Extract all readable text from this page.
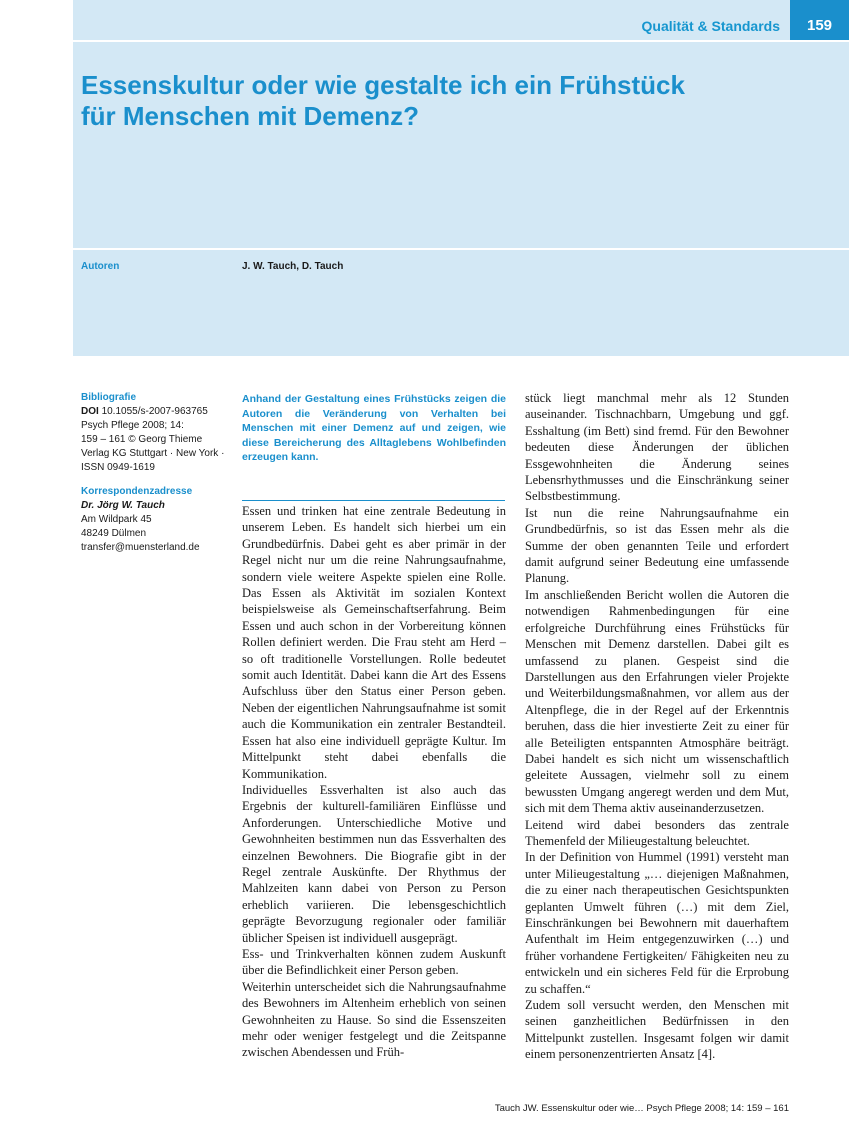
Qualität & Standards	159
Essenskultur oder wie gestalte ich ein Frühstück
für Menschen mit Demenz?
Autoren	J. W. Tauch, D. Tauch
Bibliografie
DOI 10.1055/s-2007-963765
Psych Pflege 2008; 14:
159 – 161 © Georg Thieme
Verlag KG Stuttgart · New York ·
ISSN 0949-1619
Korrespondenzadresse
Dr. Jörg W. Tauch
Am Wildpark 45
48249 Dülmen
transfer@muensterland.de

Anhand der Gestaltung eines Frühstücks zeigen die Autoren die Veränderung von Verhalten bei Menschen mit einer Demenz auf und zeigen, wie diese Bereicherung des Alltaglebens Wohlbefinden erzeugen kann.

Essen und trinken hat eine zentrale Bedeutung in unserem Leben. Es handelt sich hierbei um ein Grundbedürfnis. Dabei geht es aber primär in der Regel nicht nur um die reine Nahrungsaufnahme, sondern viele weitere Aspekte spielen eine Rolle. Das Essen als Aktivität im sozialen Kontext beispielsweise als Gemeinschaftserfahrung. Beim Essen und auch schon in der Vorbereitung können Rollen definiert werden. Die Frau steht am Herd – so oft traditionelle Vorstellungen. Rolle bedeutet somit auch Identität. Dabei kann die Art des Essens Aufschluss über den Status einer Person geben. Neben der eigentlichen Nahrungsaufnahme ist somit auch die Kommunikation ein zentraler Bestandteil. Essen hat also eine individuell geprägte Kultur. Im Mittelpunkt steht dabei ebenfalls die Kommunikation.

Individuelles Essverhalten ist also auch das Ergebnis der kulturell-familiären Einflüsse und Anforderungen. Unterschiedliche Motive und Gewohnheiten bestimmen nun das Essverhalten des einzelnen Bewohners. Die Biografie gibt in der Regel zentrale Auskünfte. Der Rhythmus der Mahlzeiten kann dabei von Person zu Person erheblich variieren. Die lebensgeschichtlich geprägte Bevorzugung regionaler oder familiär üblicher Speisen ist individuell ausgeprägt.

Ess- und Trinkverhalten können zudem Auskunft über die Befindlichkeit einer Person geben.

Weiterhin unterscheidet sich die Nahrungsaufnahme des Bewohners im Altenheim erheblich von seinen Gewohnheiten zu Hause. So sind die Essenszeiten mehr oder weniger festgelegt und die Zeitspanne zwischen Abendessen und Früh-

stück liegt manchmal mehr als 12 Stunden auseinander. Tischnachbarn, Umgebung und ggf. Esshaltung (im Bett) sind fremd. Für den Bewohner bedeuten diese Änderungen der üblichen Essgewohnheiten die Änderung seines Lebensrhythmusses und die Einschränkung seiner Selbstbestimmung.

Ist nun die reine Nahrungsaufnahme ein Grundbedürfnis, so ist das Essen mehr als die Summe der oben genannten Teile und erfordert damit aufgrund seiner Bedeutung eine umfassende Planung.

Im anschließenden Bericht wollen die Autoren die notwendigen Rahmenbedingungen für eine erfolgreiche Durchführung eines Frühstücks für Menschen mit Demenz darstellen. Dabei gilt es umfassend zu planen. Gespeist sind die Darstellungen aus den Erfahrungen vieler Projekte und Weiterbildungsmaßnahmen, vor allem aus der Altenpflege, die in der Regel auf der Erkenntnis beruhen, dass die hier investierte Zeit zu einer für alle Beteiligten entspannten Atmosphäre beiträgt. Dabei handelt es sich nicht um wissenschaftlich geleitete Aussagen, vielmehr soll zu einem bewussten Umgang angeregt werden und dem Mut, sich mit dem Thema aktiv auseinanderzusetzen.

Leitend wird dabei besonders das zentrale Themenfeld der Milieugestaltung beleuchtet.

In der Definition von Hummel (1991) versteht man unter Milieugestaltung „… diejenigen Maßnahmen, die zu einer nach therapeutischen Gesichtspunkten geplanten Umwelt führen (…) mit dem Ziel, Einschränkungen bei Bewohnern mit dauerhaftem Aufenthalt im Heim entgegenzuwirken (…) und früher vorhandene Fertigkeiten/ Fähigkeiten neu zu entwickeln und ein sicheres Feld für die Erprobung zu schaffen.“

Zudem soll versucht werden, den Menschen mit seinen ganzheitlichen Bedürfnissen in den Mittelpunkt zustellen. Insgesamt folgen wir damit einem personenzentrierten Ansatz [4].

Tauch JW. Essenskultur oder wie… Psych Pflege 2008; 14: 159 – 161
